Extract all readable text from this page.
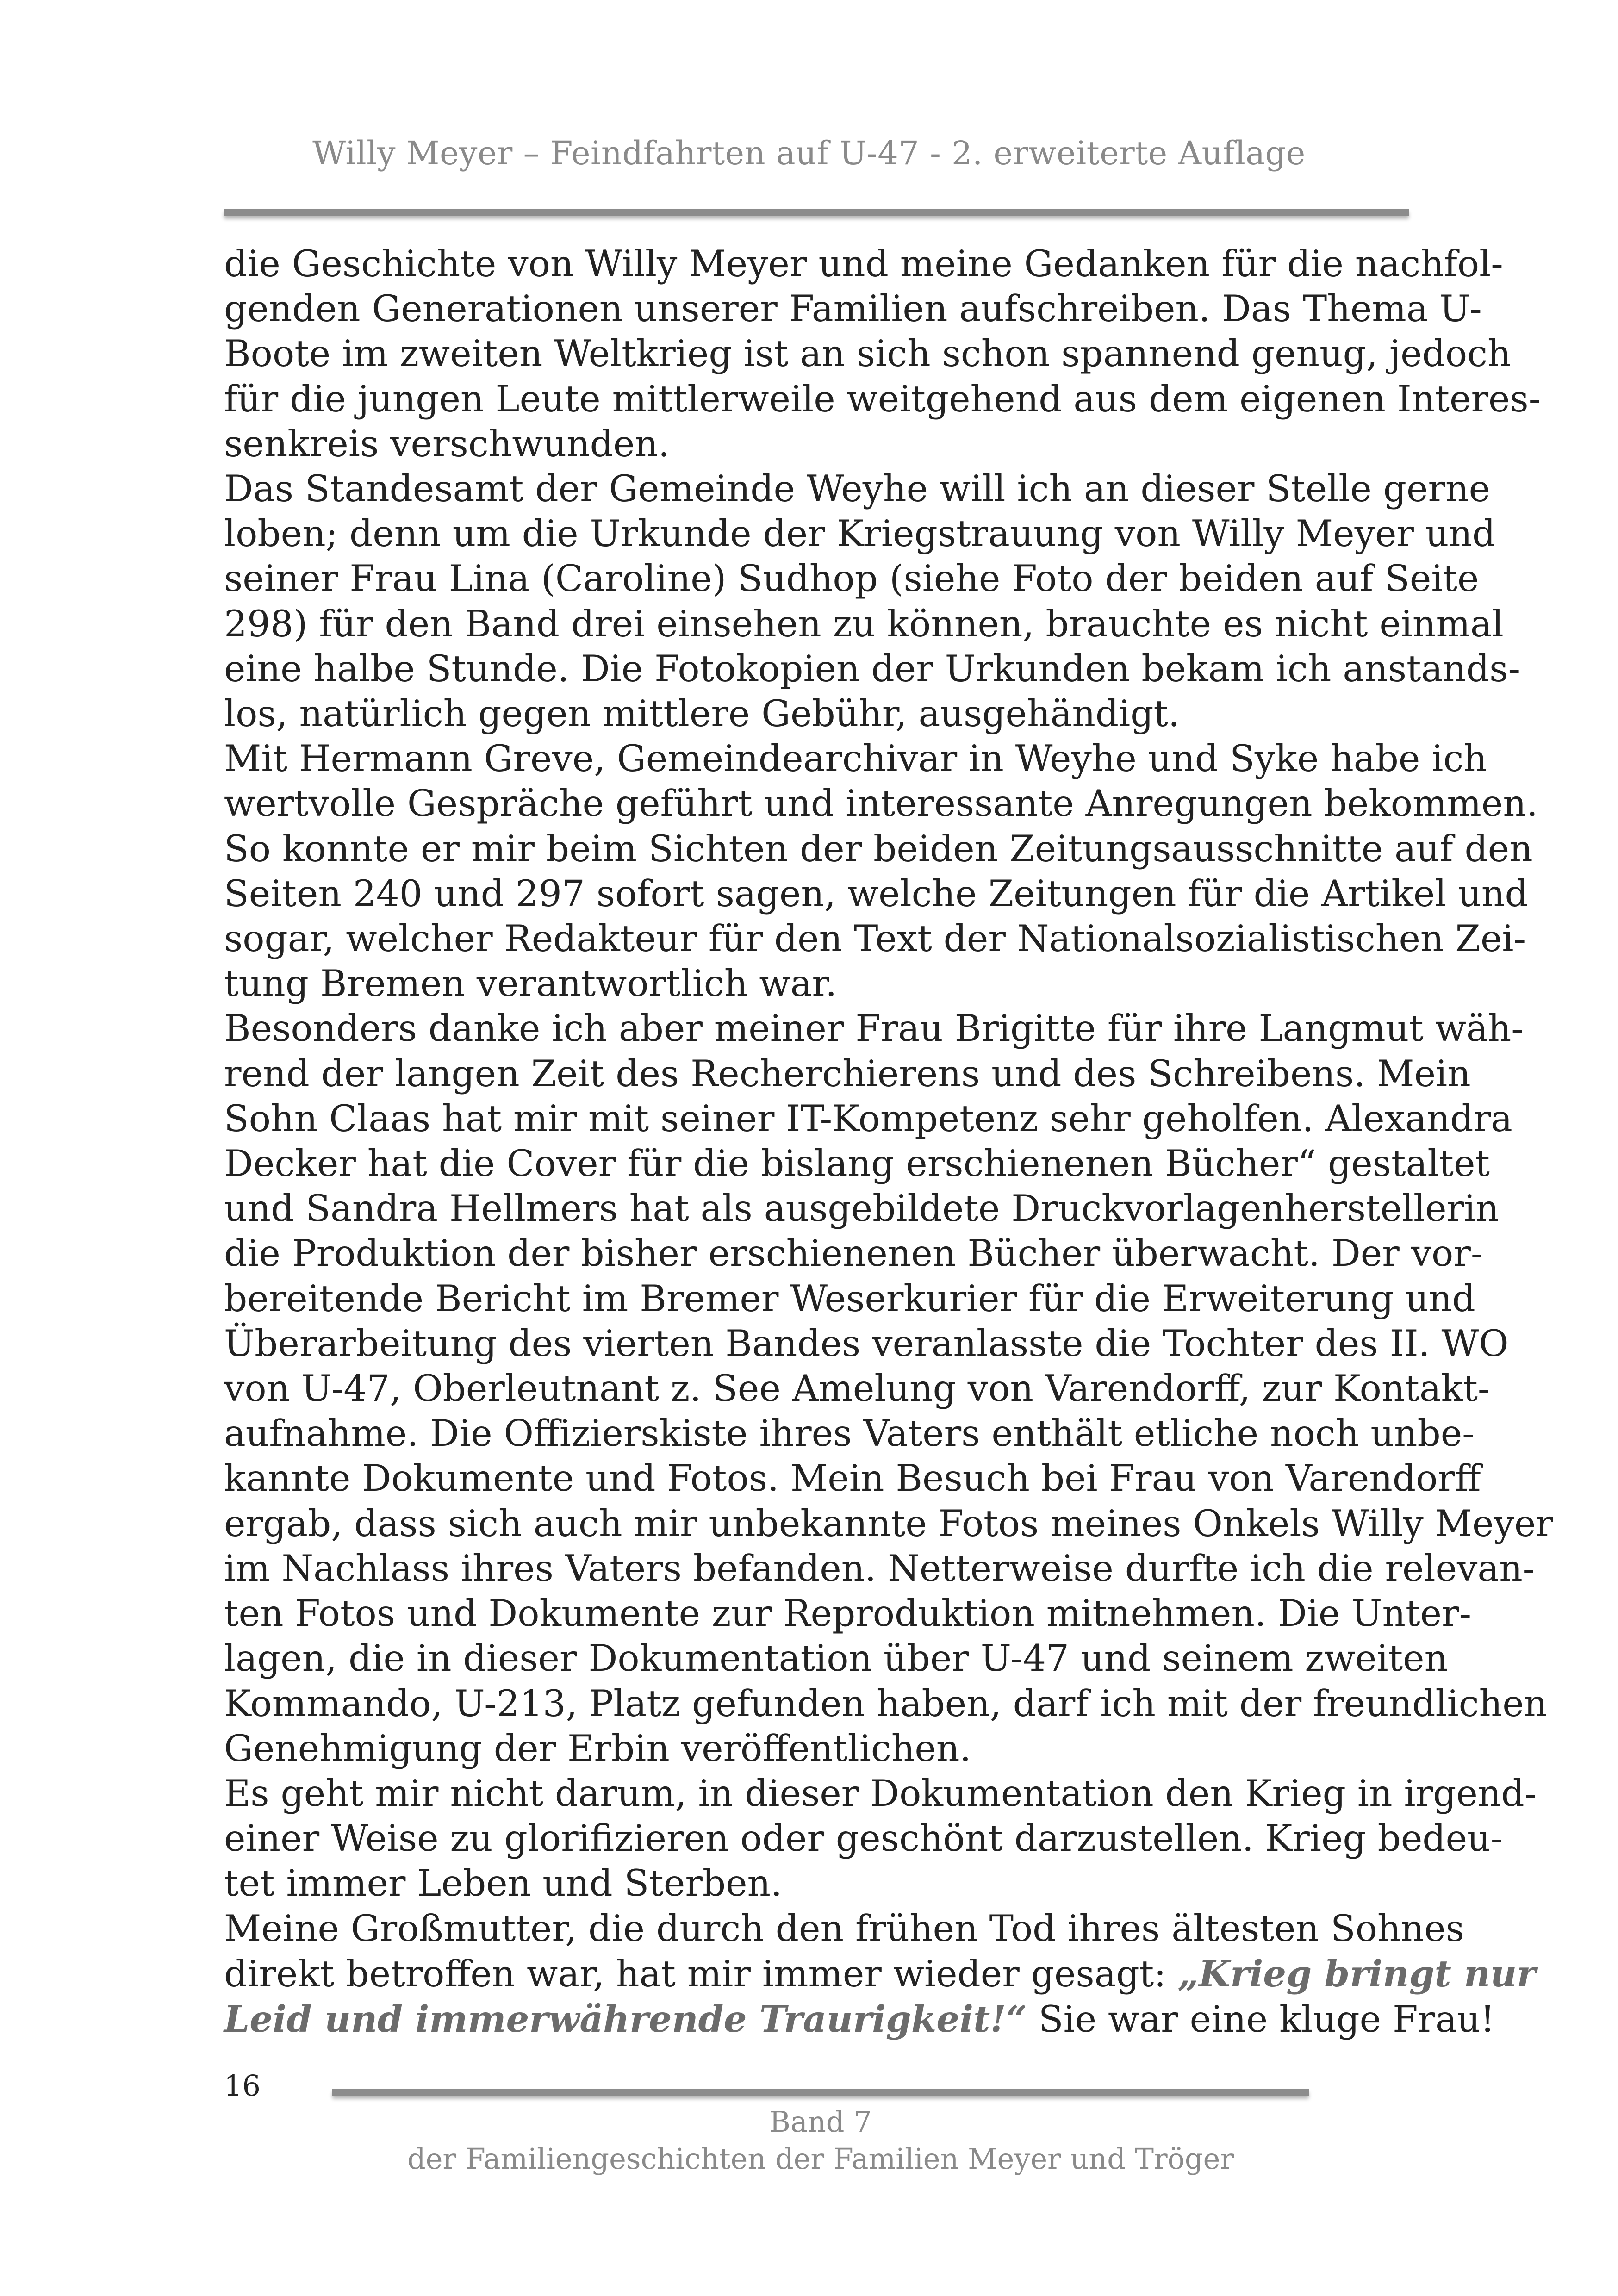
Willy Meyer – Feindfahrten auf U-47 - 2. erweiterte Auflage
die Geschichte von Willy Meyer und meine Gedanken für die nachfol-
genden Generationen unserer Familien aufschreiben. Das Thema U-
Boote im zweiten Weltkrieg ist an sich schon spannend genug, jedoch
für die jungen Leute mittlerweile weitgehend aus dem eigenen Interes-
senkreis verschwunden.
Das Standesamt der Gemeinde Weyhe will ich an dieser Stelle gerne
loben; denn um die Urkunde der Kriegstrauung von Willy Meyer und
seiner Frau Lina (Caroline) Sudhop (siehe Foto der beiden auf Seite
298) für den Band drei einsehen zu können, brauchte es nicht einmal
eine halbe Stunde. Die Fotokopien der Urkunden bekam ich anstands-
los, natürlich gegen mittlere Gebühr, ausgehändigt.
Mit Hermann Greve, Gemeindearchivar in Weyhe und Syke habe ich
wertvolle Gespräche geführt und interessante Anregungen bekommen.
So konnte er mir beim Sichten der beiden Zeitungsausschnitte auf den
Seiten 240 und 297 sofort sagen, welche Zeitungen für die Artikel und
sogar, welcher Redakteur für den Text der Nationalsozialistischen Zei-
tung Bremen verantwortlich war.
Besonders danke ich aber meiner Frau Brigitte für ihre Langmut wäh-
rend der langen Zeit des Recherchierens und des Schreibens. Mein
Sohn Claas hat mir mit seiner IT-Kompetenz sehr geholfen. Alexandra
Decker hat die Cover für die bislang erschienenen Bücher“ gestaltet
und Sandra Hellmers hat als ausgebildete Druckvorlagenherstellerin
die Produktion der bisher erschienenen Bücher überwacht. Der vor-
bereitende Bericht im Bremer Weserkurier für die Erweiterung und
Überarbeitung des vierten Bandes veranlasste die Tochter des II. WO
von U-47, Oberleutnant z. See Amelung von Varendorff, zur Kontakt-
aufnahme. Die Offizierskiste ihres Vaters enthält etliche noch unbe-
kannte Dokumente und Fotos. Mein Besuch bei Frau von Varendorff
ergab, dass sich auch mir unbekannte Fotos meines Onkels Willy Meyer
im Nachlass ihres Vaters befanden. Netterweise durfte ich die relevan-
ten Fotos und Dokumente zur Reproduktion mitnehmen. Die Unter-
lagen, die in dieser Dokumentation über U-47 und seinem zweiten
Kommando, U-213, Platz gefunden haben, darf ich mit der freundlichen
Genehmigung der Erbin veröffentlichen.
Es geht mir nicht darum, in dieser Dokumentation den Krieg in irgend-
einer Weise zu glorifizieren oder geschönt darzustellen. Krieg bedeu-
tet immer Leben und Sterben.
Meine Großmutter, die durch den frühen Tod ihres ältesten Sohnes
direkt betroffen war, hat mir immer wieder gesagt: „Krieg bringt nur
Leid und immerwährende Traurigkeit!“ Sie war eine kluge Frau!
16
Band 7
der Familiengeschichten der Familien Meyer und Tröger
